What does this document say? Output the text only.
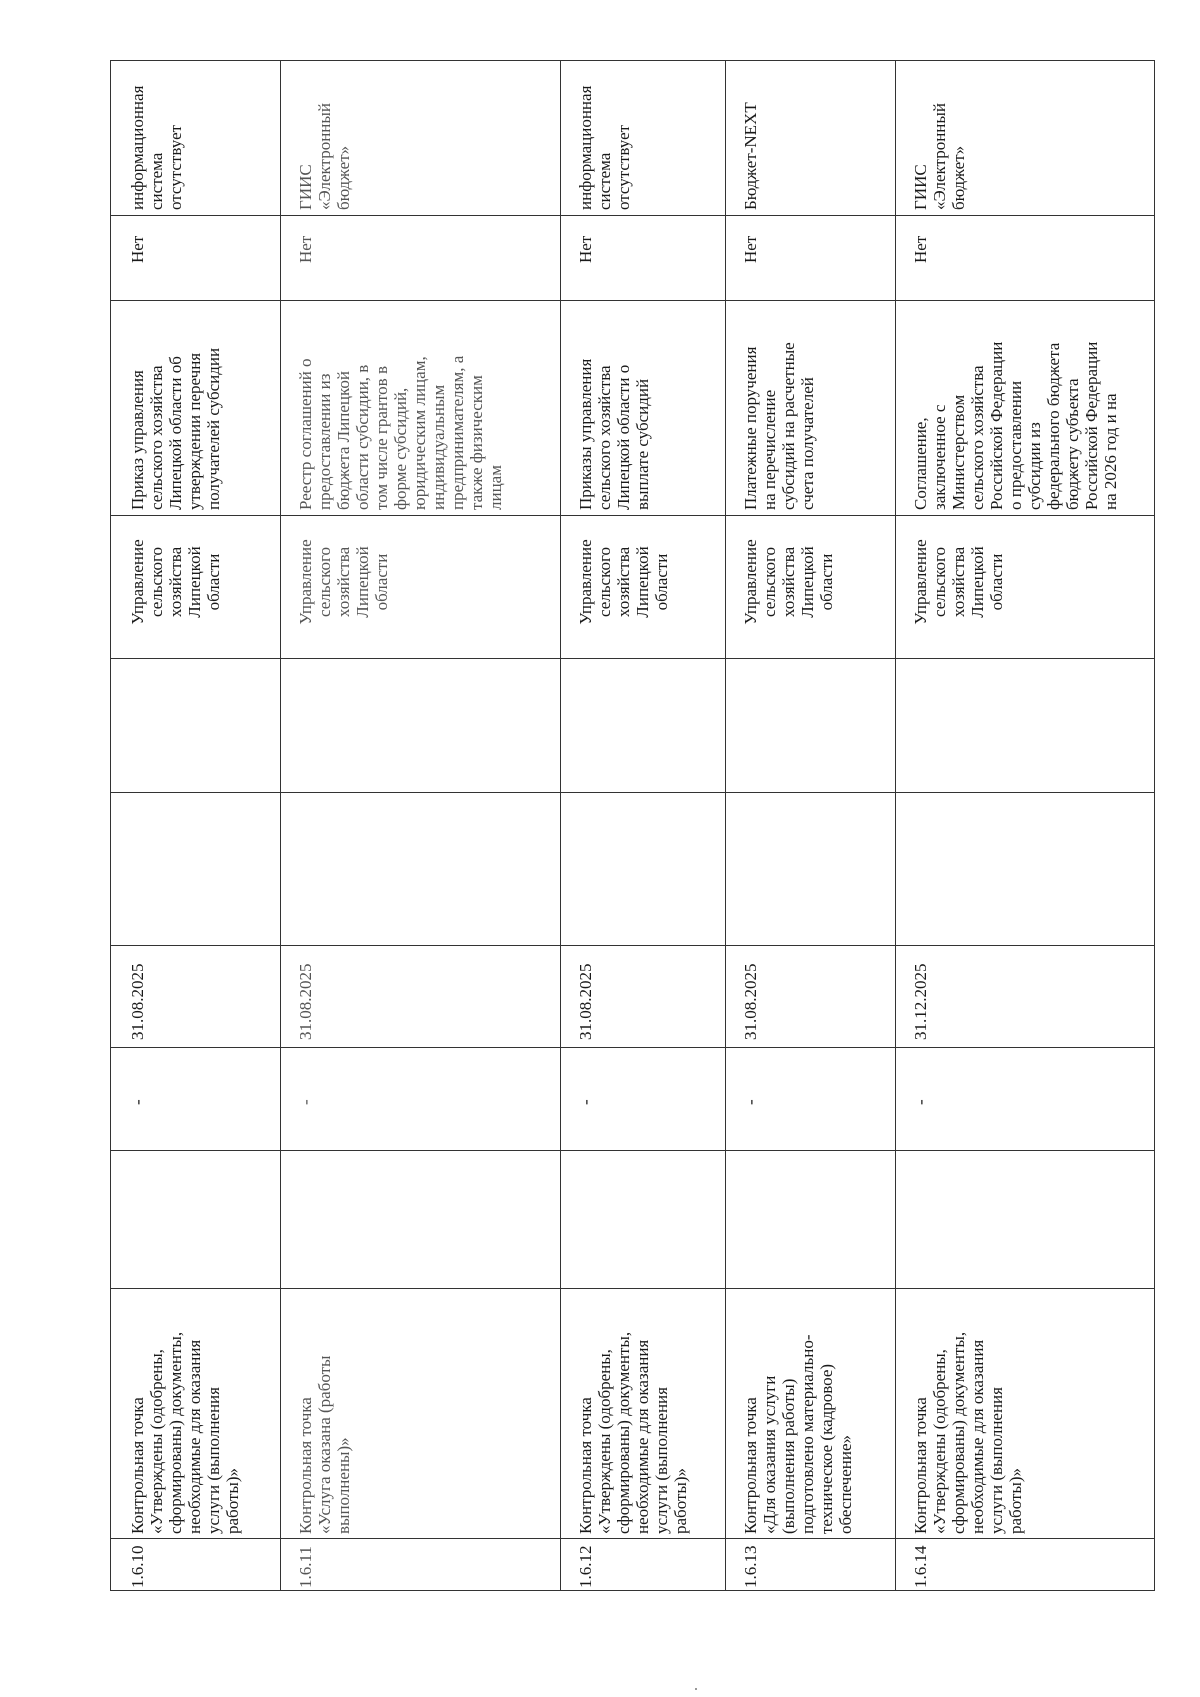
1.6.10
Контрольная точка «Утверждены (одобрены, сформированы) документы, необходимые для оказания услуги (выполнения работы)»
-
31.08.2025
Управление сельского хозяйства Липецкой области
Приказ управления сельского хозяйства Липецкой области об утверждении перечня получателей субсидии
Нет
информационная система отсутствует
1.6.11
Контрольная точка «Услуга оказана (работы выполнены)»
-
31.08.2025
Управление сельского хозяйства Липецкой области
Реестр соглашений о предоставлении из бюджета Липецкой области субсидии, в том числе грантов в форме субсидий, юридическим лицам, индивидуальным предпринимателям, а также физическим лицам
Нет
ГИИС «Электронный бюджет»
1.6.12
Контрольная точка «Утверждены (одобрены, сформированы) документы, необходимые для оказания услуги (выполнения работы)»
-
31.08.2025
Управление сельского хозяйства Липецкой области
Приказы управления сельского хозяйства Липецкой области о выплате субсидий
Нет
информационная система отсутствует
1.6.13
Контрольная точка «Для оказания услуги (выполнения работы) подготовлено материально- техническое (кадровое) обеспечение»
-
31.08.2025
Управление сельского хозяйства Липецкой области
Платежные поручения на перечисление субсидий на расчетные счета получателей
Нет
Бюджет-NEXT
1.6.14
Контрольная точка «Утверждены (одобрены, сформированы) документы, необходимые для оказания услуги (выполнения работы)»
-
31.12.2025
Управление сельского хозяйства Липецкой области
Соглашение, заключенное с Министерством сельского хозяйства Российской Федерации о предоставлении субсидии из федерального бюджета бюджету субъекта Российской Федерации на 2026 год и на
Нет
ГИИС «Электронный бюджет»
